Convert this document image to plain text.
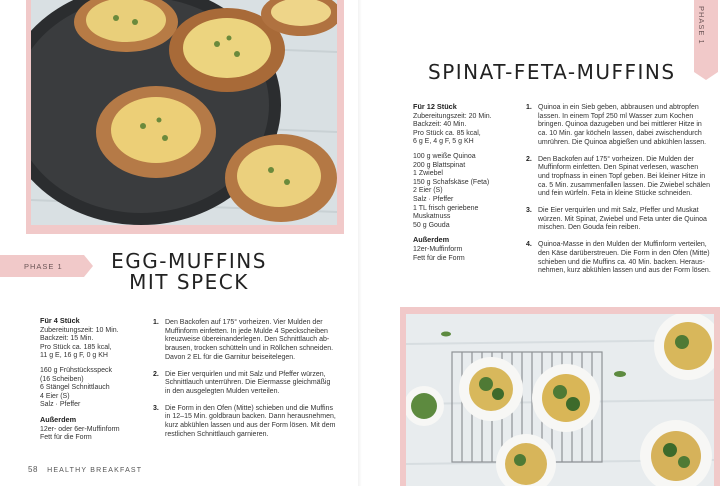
PHASE 1	EGG-MUFFINS
MIT SPECK
Für 4 Stück
Zubereitungszeit: 10 Min.
Backzeit: 15 Min.
Pro Stück ca. 185 kcal,
11 g E, 16 g F, 0 g KH
160 g Frühstücksspeck
(16 Scheiben)
6 Stängel Schnittlauch
4 Eier (S)
Salz · Pfeffer
Außerdem
12er- oder 6er-Muffinform
Fett für die Form
1. Den Backofen auf 175° vorheizen. Vier Mulden der
Muffinform einfetten. In jede Mulde 4 Speckscheiben
kreuzweise übereinanderlegen. Den Schnittlauch ab-
brausen, trocken schütteln und in Röllchen schneiden.
Davon 2 EL für die Garnitur beiseitelegen.
2. Die Eier verquirlen und mit Salz und Pfeffer würzen,
Schnittlauch unterrühren. Die Eiermasse gleichmäßig
in den ausgelegten Mulden verteilen.
3. Die Form in den Ofen (Mitte) schieben und die Muffins
in 12–15 Min. goldbraun backen. Dann herausnehmen,
kurz abkühlen lassen und aus der Form lösen. Mit dem
restlichen Schnittlauch garnieren.
58 HEALTHY BREAKFAST
PHASE 1
SPINAT-FETA-MUFFINS
Für 12 Stück
Zubereitungszeit: 20 Min.
Backzeit: 40 Min.
Pro Stück ca. 85 kcal,
6 g E, 4 g F, 5 g KH
100 g weiße Quinoa
200 g Blattspinat
1 Zwiebel
150 g Schafskäse (Feta)
2 Eier (S)
Salz · Pfeffer
1 TL frisch geriebene
Muskatnuss
50 g Gouda
Außerdem
12er-Muffinform
Fett für die Form
1. Quinoa in ein Sieb geben, abbrausen und abtropfen
lassen. In einem Topf 250 ml Wasser zum Kochen
bringen. Quinoa dazugeben und bei mittlerer Hitze in
ca. 10 Min. gar köcheln lassen, dabei zwischendurch
umrühren. Die Quinoa abgießen und abkühlen lassen.
2. Den Backofen auf 175° vorheizen. Die Mulden der
Muffinform einfetten. Den Spinat verlesen, waschen
und tropfnass in einen Topf geben. Bei kleiner Hitze in
ca. 5 Min. zusammenfallen lassen. Die Zwiebel schälen
und fein würfeln. Feta in kleine Stücke schneiden.
3. Die Eier verquirlen und mit Salz, Pfeffer und Muskat
würzen. Mit Spinat, Zwiebel und Feta unter die Quinoa
mischen. Den Gouda fein reiben.
4. Quinoa-Masse in den Mulden der Muffinform verteilen,
den Käse darüberstreuen. Die Form in den Ofen (Mitte)
schieben und die Muffins ca. 40 Min. backen. Heraus-
nehmen, kurz abkühlen lassen und aus der Form lösen.
